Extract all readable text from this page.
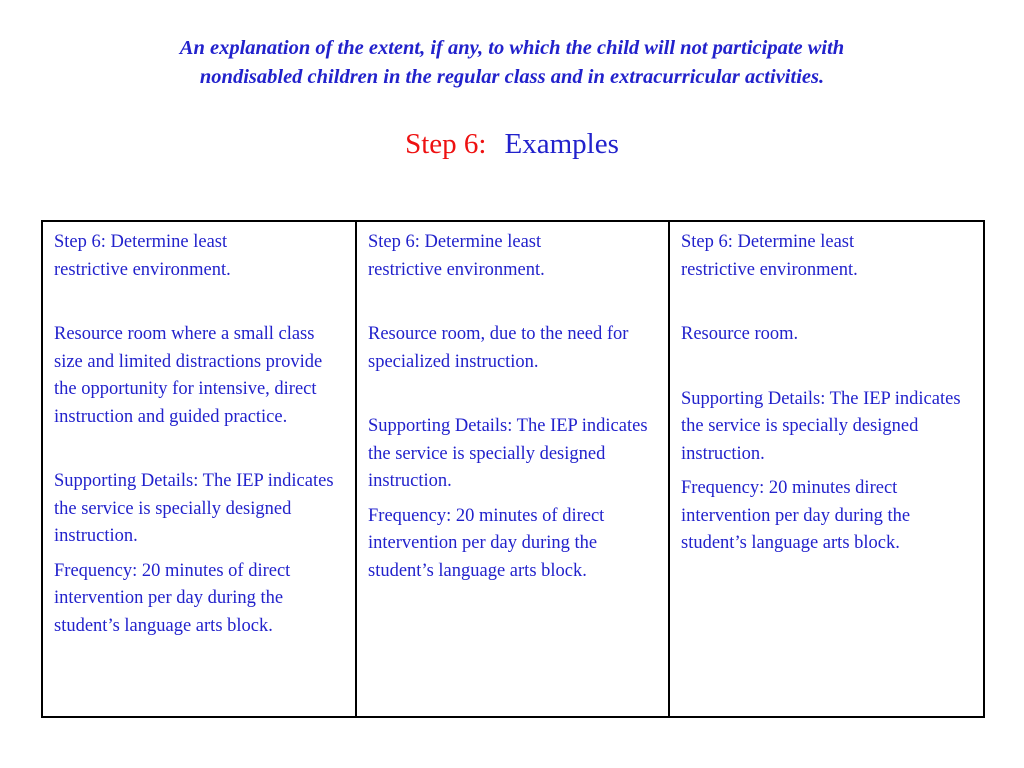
An explanation of the extent, if any, to which the child will not participate with
nondisabled children in the regular class and in extracurricular activities.
Step 6: Examples

Step 6: Determine least
restrictive environment.

Resource room where a small class size and limited distractions provide the opportunity for intensive, direct instruction and guided practice.

Supporting Details: The IEP indicates the service is specially designed instruction.

Frequency: 20 minutes of direct intervention per day during the student’s language arts block.

Step 6: Determine least
restrictive environment.

Resource room, due to the need for specialized instruction.

Supporting Details: The IEP indicates the service is specially designed instruction.

Frequency: 20 minutes of direct intervention per day during the student’s language arts block.

Step 6: Determine least
restrictive environment.

Resource room.

Supporting Details: The IEP indicates the service is specially designed instruction.

Frequency: 20 minutes direct intervention per day during the student’s language arts block.
